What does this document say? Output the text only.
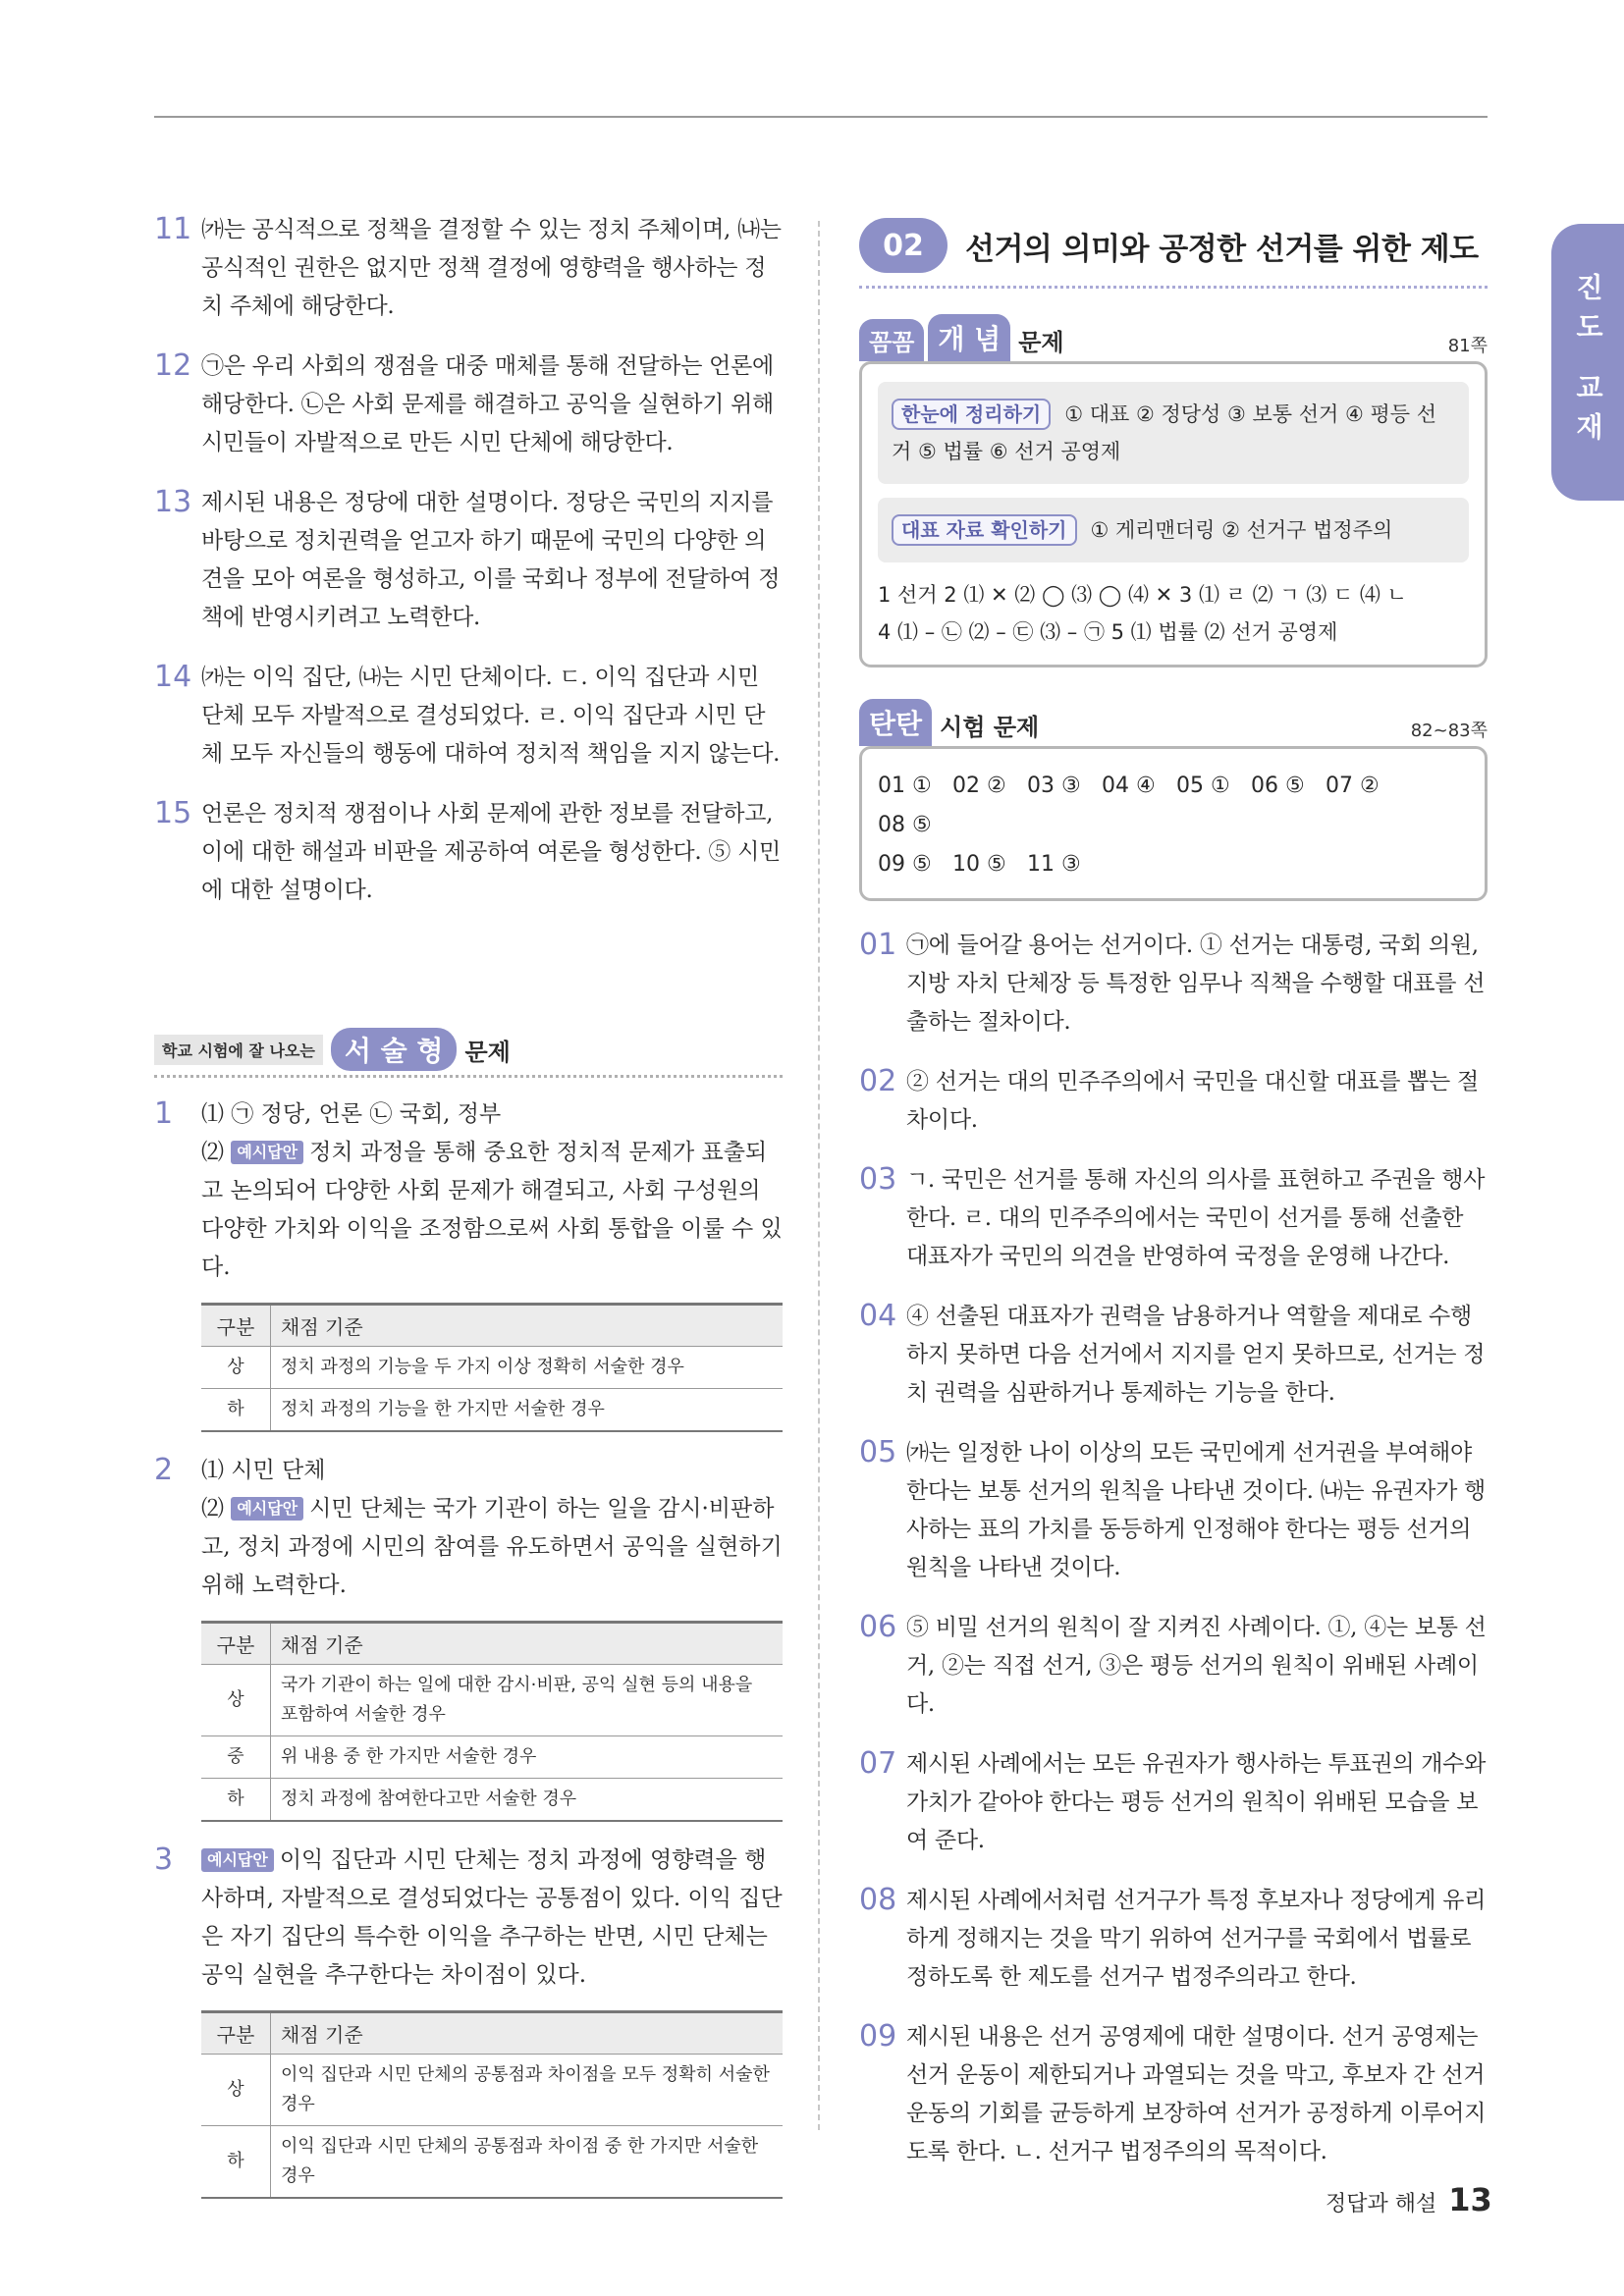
진도 교재
11 ㈎는 공식적으로 정책을 결정할 수 있는 정치 주체이며, ㈏는 공식적인 권한은 없지만 정책 결정에 영향력을 행사하는 정치 주체에 해당한다.
12 ㉠은 우리 사회의 쟁점을 대중 매체를 통해 전달하는 언론에 해당한다. ㉡은 사회 문제를 해결하고 공익을 실현하기 위해 시민들이 자발적으로 만든 시민 단체에 해당한다.
13 제시된 내용은 정당에 대한 설명이다. 정당은 국민의 지지를 바탕으로 정치권력을 얻고자 하기 때문에 국민의 다양한 의견을 모아 여론을 형성하고, 이를 국회나 정부에 전달하여 정책에 반영시키려고 노력한다.
14 ㈎는 이익 집단, ㈏는 시민 단체이다. ㄷ. 이익 집단과 시민 단체 모두 자발적으로 결성되었다. ㄹ. 이익 집단과 시민 단체 모두 자신들의 행동에 대하여 정치적 책임을 지지 않는다.
15 언론은 정치적 쟁점이나 사회 문제에 관한 정보를 전달하고, 이에 대한 해설과 비판을 제공하여 여론을 형성한다. ⑤ 시민에 대한 설명이다.
학교 시험에 잘 나오는	서 술 형 문제
1	⑴ ㉠ 정당, 언론 ㉡ 국회, 정부
⑵ 예시답안 정치 과정을 통해 중요한 정치적 문제가 표출되고 논의되어 다양한 사회 문제가 해결되고, 사회 구성원의 다양한 가치와 이익을 조정함으로써 사회 통합을 이룰 수 있다.
구분	채점 기준
상	정치 과정의 기능을 두 가지 이상 정확히 서술한 경우
하	정치 과정의 기능을 한 가지만 서술한 경우
2	⑴ 시민 단체
⑵ 예시답안 시민 단체는 국가 기관이 하는 일을 감시·비판하고, 정치 과정에 시민의 참여를 유도하면서 공익을 실현하기 위해 노력한다.
구분	채점 기준
상	국가 기관이 하는 일에 대한 감시·비판, 공익 실현 등의 내용을 포함하여 서술한 경우
중	위 내용 중 한 가지만 서술한 경우
하	정치 과정에 참여한다고만 서술한 경우
3	예시답안 이익 집단과 시민 단체는 정치 과정에 영향력을 행사하며, 자발적으로 결성되었다는 공통점이 있다. 이익 집단은 자기 집단의 특수한 이익을 추구하는 반면, 시민 단체는 공익 실현을 추구한다는 차이점이 있다.
구분	채점 기준
상	이익 집단과 시민 단체의 공통점과 차이점을 모두 정확히 서술한 경우
하	이익 집단과 시민 단체의 공통점과 차이점 중 한 가지만 서술한 경우
02	선거의 의미와 공정한 선거를 위한 제도
꼼꼼 개 념 문제	81쪽
한눈에 정리하기 ① 대표 ② 정당성 ③ 보통 선거 ④ 평등 선거 ⑤ 법률 ⑥ 선거 공영제
대표 자료 확인하기 ① 게리맨더링 ② 선거구 법정주의
1 선거 2 ⑴ ✕ ⑵ ◯ ⑶ ◯ ⑷ ✕ 3 ⑴ ㄹ ⑵ ㄱ ⑶ ㄷ ⑷ ㄴ
4 ⑴ – ㉡ ⑵ – ㉢ ⑶ – ㉠ 5 ⑴ 법률 ⑵ 선거 공영제
탄탄 시험 문제	82~83쪽
01 ① 02 ② 03 ③ 04 ④ 05 ① 06 ⑤ 07 ②08 ⑤
09 ⑤ 10 ⑤ 11 ③
01 ㉠에 들어갈 용어는 선거이다. ① 선거는 대통령, 국회 의원, 지방 자치 단체장 등 특정한 임무나 직책을 수행할 대표를 선출하는 절차이다.
02 ② 선거는 대의 민주주의에서 국민을 대신할 대표를 뽑는 절차이다.
03 ㄱ. 국민은 선거를 통해 자신의 의사를 표현하고 주권을 행사한다. ㄹ. 대의 민주주의에서는 국민이 선거를 통해 선출한 대표자가 국민의 의견을 반영하여 국정을 운영해 나간다.
04 ④ 선출된 대표자가 권력을 남용하거나 역할을 제대로 수행하지 못하면 다음 선거에서 지지를 얻지 못하므로, 선거는 정치 권력을 심판하거나 통제하는 기능을 한다.
05 ㈎는 일정한 나이 이상의 모든 국민에게 선거권을 부여해야 한다는 보통 선거의 원칙을 나타낸 것이다. ㈏는 유권자가 행사하는 표의 가치를 동등하게 인정해야 한다는 평등 선거의 원칙을 나타낸 것이다.
06 ⑤ 비밀 선거의 원칙이 잘 지켜진 사례이다. ①, ④는 보통 선거, ②는 직접 선거, ③은 평등 선거의 원칙이 위배된 사례이다.
07 제시된 사례에서는 모든 유권자가 행사하는 투표권의 개수와 가치가 같아야 한다는 평등 선거의 원칙이 위배된 모습을 보여 준다.
08 제시된 사례에서처럼 선거구가 특정 후보자나 정당에게 유리하게 정해지는 것을 막기 위하여 선거구를 국회에서 법률로 정하도록 한 제도를 선거구 법정주의라고 한다.
09 제시된 내용은 선거 공영제에 대한 설명이다. 선거 공영제는 선거 운동이 제한되거나 과열되는 것을 막고, 후보자 간 선거 운동의 기회를 균등하게 보장하여 선거가 공정하게 이루어지도록 한다. ㄴ. 선거구 법정주의의 목적이다.
정답과 해설 13
